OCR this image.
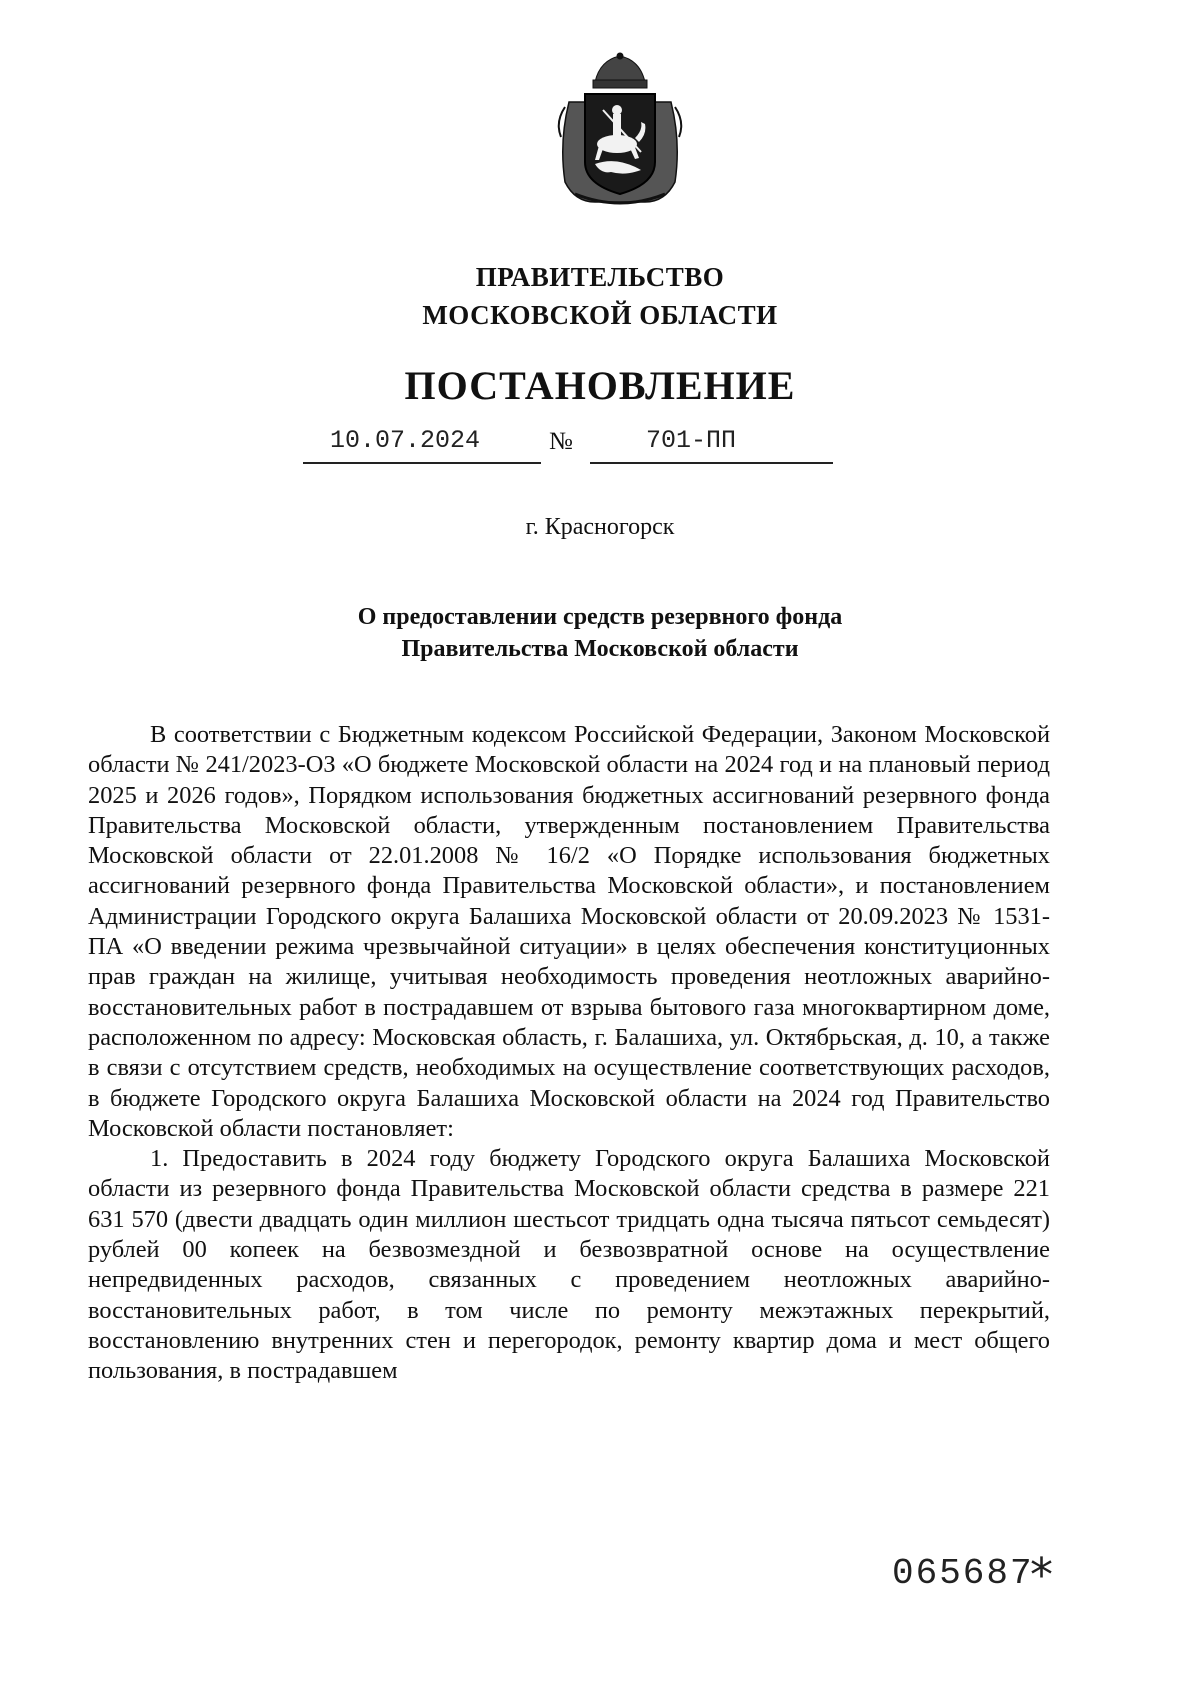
ПРАВИТЕЛЬСТВО
МОСКОВСКОЙ ОБЛАСТИ
ПОСТАНОВЛЕНИЕ
10.07.2024	№	701-ПП
г. Красногорск
О предоставлении средств резервного фонда
Правительства Московской области

В соответствии с Бюджетным кодексом Российской Федерации, Законом Московской области № 241/2023-ОЗ «О бюджете Московской области на 2024 год и на плановый период 2025 и 2026 годов», Порядком использования бюджетных ассигнований резервного фонда Правительства Московской области, утвержденным постановлением Правительства Московской области от 22.01.2008 № 16/2 «О Порядке использования бюджетных ассигнований резервного фонда Правительства Московской области», и постановлением Администрации Городского округа Балашиха Московской области от 20.09.2023 № 1531-ПА «О введении режима чрезвычайной ситуации» в целях обеспечения конституционных прав граждан на жилище, учитывая необходимость проведения неотложных аварийно-восстановительных работ в пострадавшем от взрыва бытового газа многоквартирном доме, расположенном по адресу: Московская область, г. Балашиха, ул. Октябрьская, д. 10, а также в связи с отсутствием средств, необходимых на осуществление соответствующих расходов, в бюджете Городского округа Балашиха Московской области на 2024 год Правительство Московской области постановляет:

1. Предоставить в 2024 году бюджету Городского округа Балашиха Московской области из резервного фонда Правительства Московской области средства в размере 221 631 570 (двести двадцать один миллион шестьсот тридцать одна тысяча пятьсот семьдесят) рублей 00 копеек на безвозмездной и безвозвратной основе на осуществление непредвиденных расходов, связанных с проведением неотложных аварийно-восстановительных работ, в том числе по ремонту межэтажных перекрытий, восстановлению внутренних стен и перегородок, ремонту квартир дома и мест общего пользования, в пострадавшем

065687
*
